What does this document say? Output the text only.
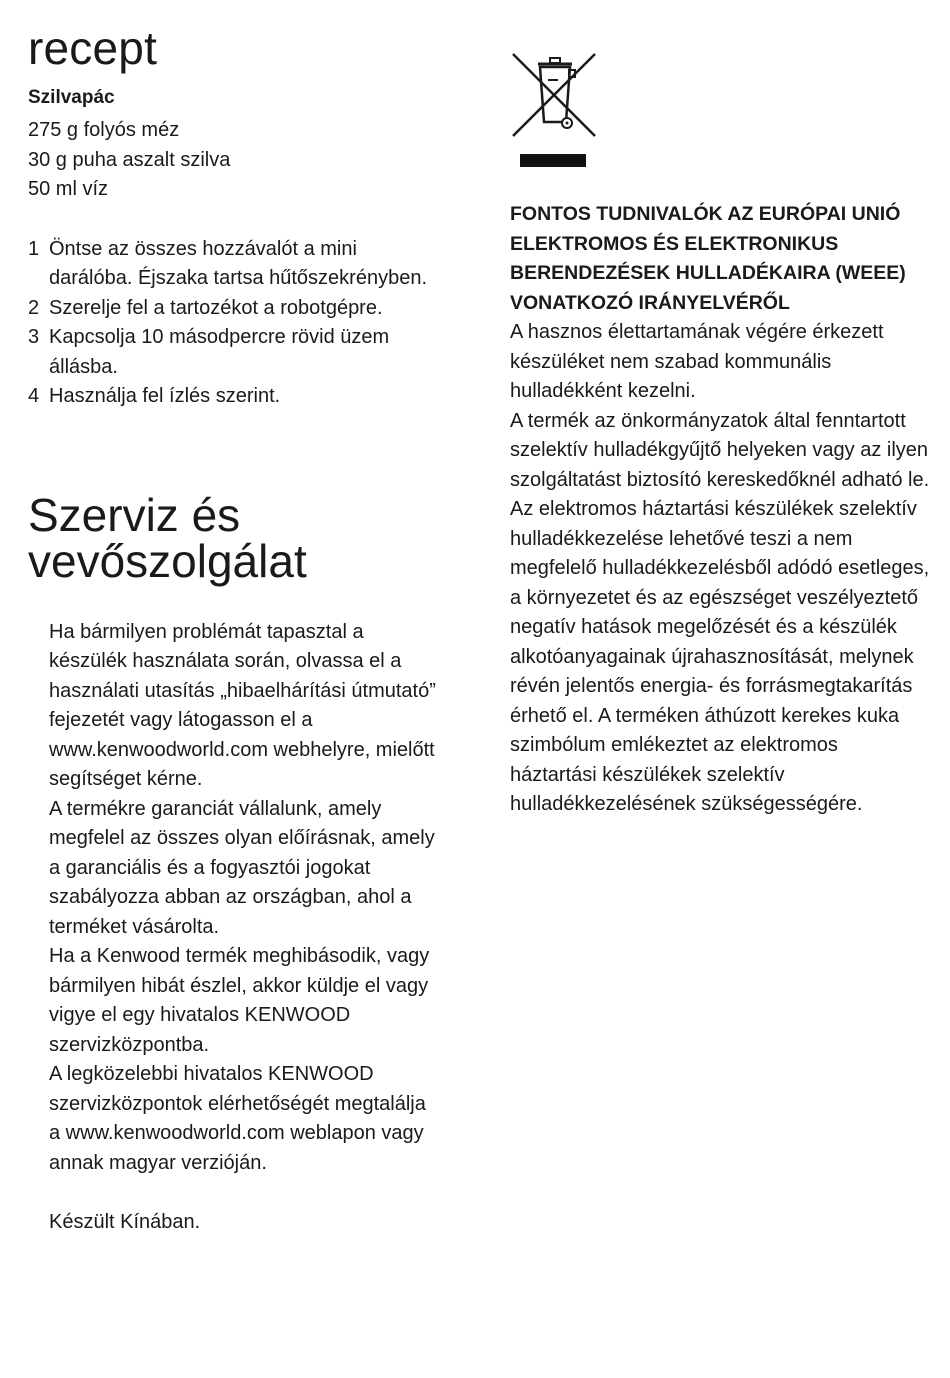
recept
Szilvapác
275 g folyós méz
30 g puha aszalt szilva
50 ml víz
1 Öntse az összes hozzávalót a mini darálóba. Éjszaka tartsa hűtőszekrényben.
2 Szerelje fel a tartozékot a robotgépre.
3 Kapcsolja 10 másodpercre rövid üzem állásba.
4 Használja fel ízlés szerint.
Szerviz és
vevőszolgálat

Ha bármilyen problémát tapasztal a készülék használata során, olvassa el a használati utasítás „hibaelhárítási útmutató” fejezetét vagy látogasson el a www.kenwoodworld.com webhelyre, mielőtt segítséget kérne.

A termékre garanciát vállalunk, amely megfelel az összes olyan előírásnak, amely a garanciális és a fogyasztói jogokat szabályozza abban az országban, ahol a terméket vásárolta.

Ha a Kenwood termék meghibásodik, vagy bármilyen hibát észlel, akkor küldje el vagy vigye el egy hivatalos KENWOOD szervizközpontba.

A legközelebbi hivatalos KENWOOD szervizközpontok elérhetőségét megtalálja a www.kenwoodworld.com weblapon vagy annak magyar verzióján.

Készült Kínában.

FONTOS TUDNIVALÓK AZ EURÓPAI UNIÓ ELEKTROMOS ÉS ELEKTRONIKUS BERENDEZÉSEK HULLADÉKAIRA (WEEE) VONATKOZÓ IRÁNYELVÉRŐL

A hasznos élettartamának végére érkezett készüléket nem szabad kommunális hulladékként kezelni.

A termék az önkormányzatok által fenntartott szelektív hulladékgyűjtő helyeken vagy az ilyen szolgáltatást biztosító kereskedőknél adható le.

Az elektromos háztartási készülékek szelektív hulladékkezelése lehetővé teszi a nem megfelelő hulladékkezelésből adódó esetleges, a környezetet és az egészséget veszélyeztető negatív hatások megelőzését és a készülék alkotóanyagainak újrahasznosítását, melynek révén jelentős energia- és forrásmegtakarítás érhető el. A terméken áthúzott kerekes kuka szimbólum emlékeztet az elektromos háztartási készülékek szelektív hulladékkezelésének szükségességére.
